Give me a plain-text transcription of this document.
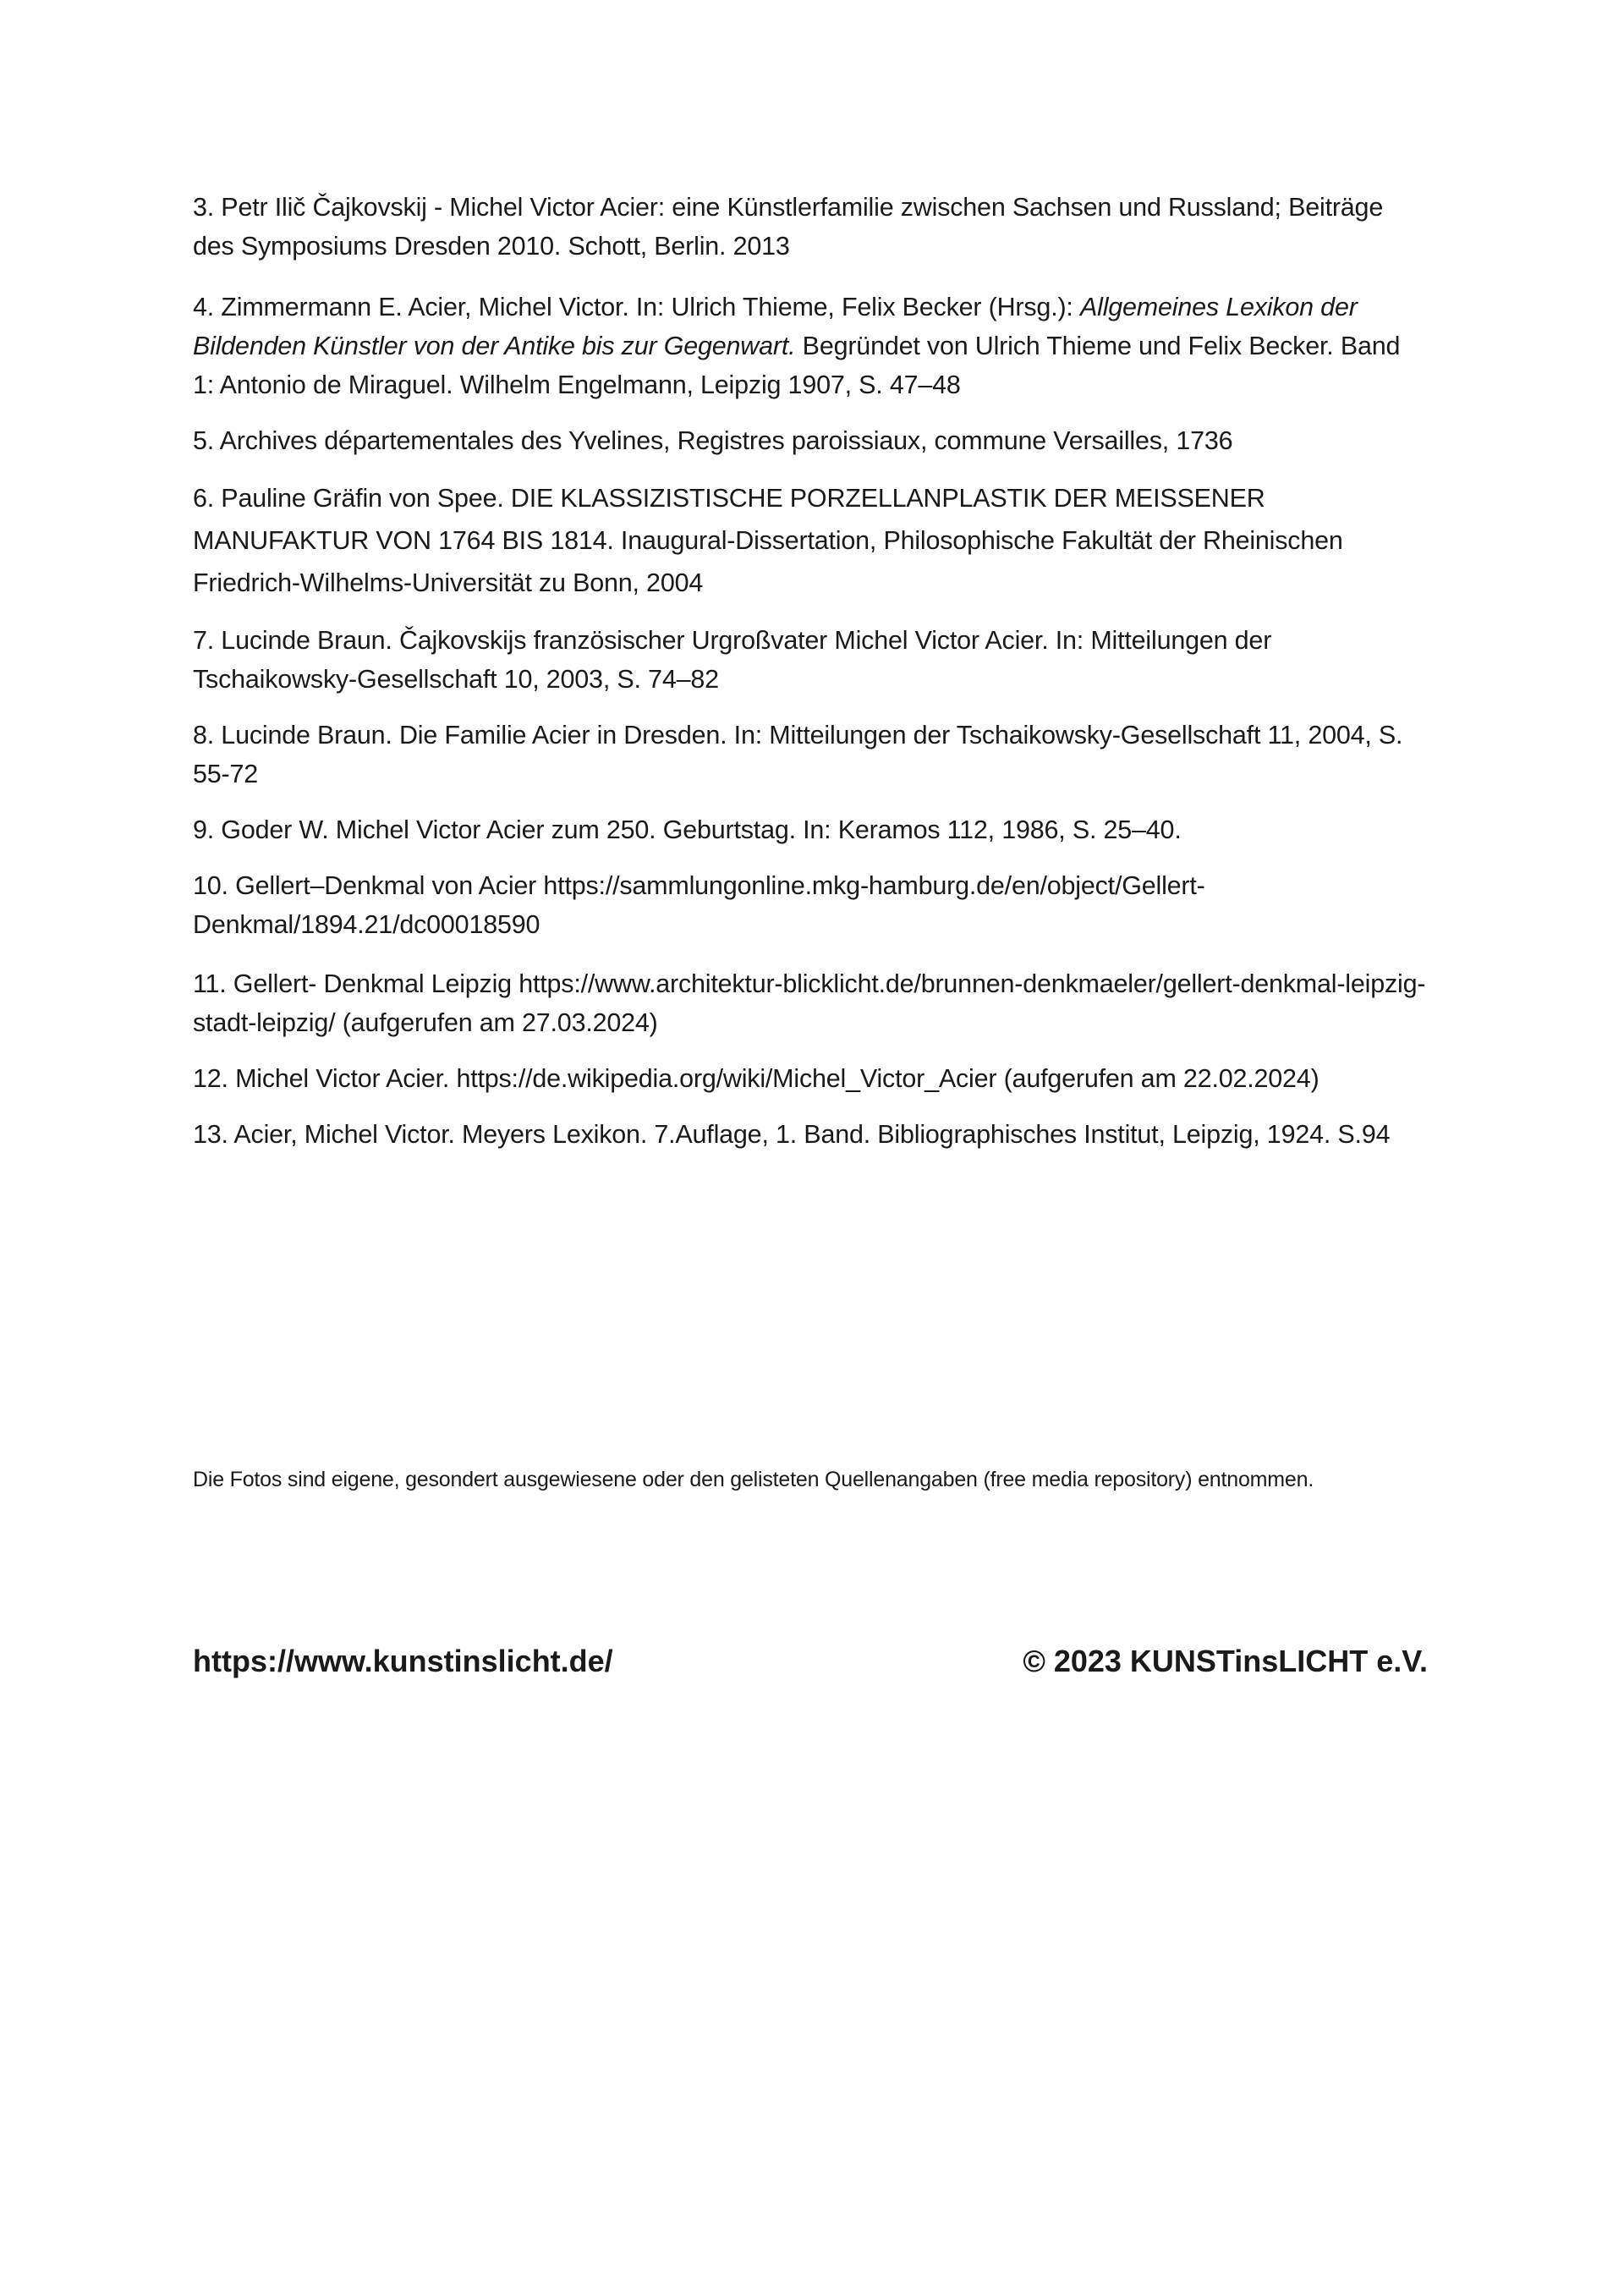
3. Petr Ilič Čajkovskij - Michel Victor Acier: eine Künstlerfamilie zwischen Sachsen und Russland; Beiträge des Symposiums Dresden 2010. Schott, Berlin. 2013

4. Zimmermann E. Acier, Michel Victor. In: Ulrich Thieme, Felix Becker (Hrsg.): Allgemeines Lexikon der Bildenden Künstler von der Antike bis zur Gegenwart. Begründet von Ulrich Thieme und Felix Becker. Band 1: Antonio de Miraguel. Wilhelm Engelmann, Leipzig 1907, S. 47–48

5. Archives départementales des Yvelines, Registres paroissiaux, commune Versailles, 1736

6. Pauline Gräfin von Spee. DIE KLASSIZISTISCHE PORZELLANPLASTIK DER MEISSENER MANUFAKTUR VON 1764 BIS 1814. Inaugural-Dissertation, Philosophische Fakultät der Rheinischen Friedrich-Wilhelms-Universität zu Bonn, 2004

7. Lucinde Braun. Čajkovskijs französischer Urgroßvater Michel Victor Acier. In: Mitteilungen der Tschaikowsky-Gesellschaft 10, 2003, S. 74–82

8. Lucinde Braun. Die Familie Acier in Dresden. In: Mitteilungen der Tschaikowsky-Gesellschaft 11, 2004, S. 55-72

9. Goder W. Michel Victor Acier zum 250. Geburtstag. In: Keramos 112, 1986, S. 25–40.

10. Gellert–Denkmal von Acier https://sammlungonline.mkg-hamburg.de/en/object/Gellert-Denkmal/1894.21/dc00018590

11. Gellert- Denkmal Leipzig https://www.architektur-blicklicht.de/brunnen-denkmaeler/gellert-denkmal-leipzig-stadt-leipzig/ (aufgerufen am 27.03.2024)

12. Michel Victor Acier. https://de.wikipedia.org/wiki/Michel_Victor_Acier (aufgerufen am 22.02.2024)

13. Acier, Michel Victor. Meyers Lexikon. 7.Auflage, 1. Band. Bibliographisches Institut, Leipzig, 1924. S.94

Die Fotos sind eigene, gesondert ausgewiesene oder den gelisteten Quellenangaben (free media repository) entnommen.

https://www.kunstinslicht.de/	© 2023 KUNSTinsLICHT e.V.
